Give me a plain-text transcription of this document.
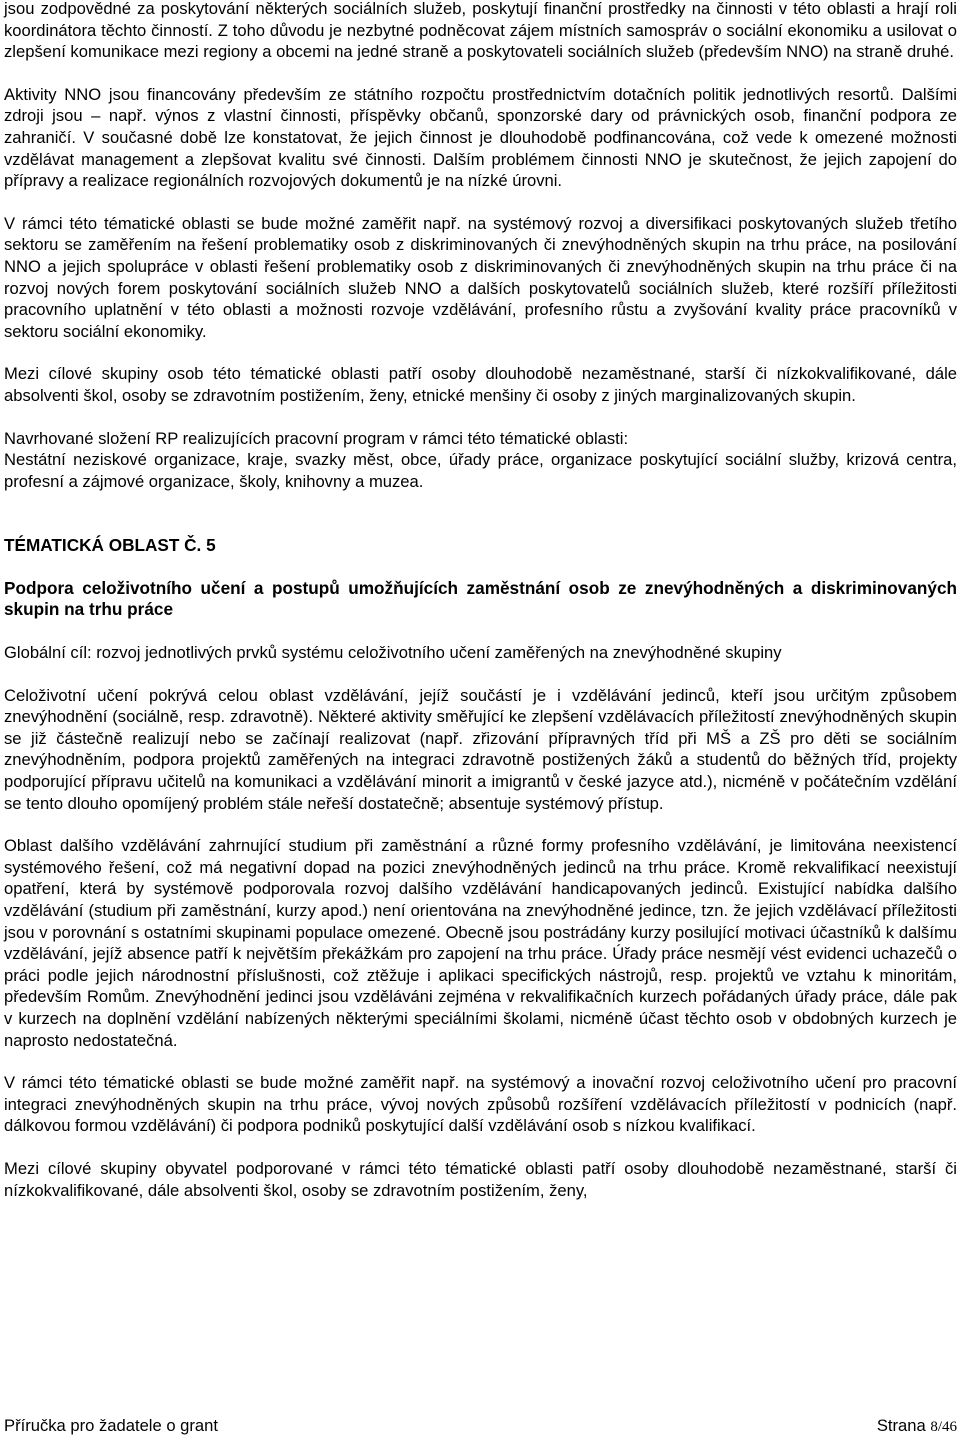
jsou zodpovědné za poskytování některých sociálních služeb, poskytují finanční prostředky na činnosti v této oblasti a hrají roli koordinátora těchto činností. Z toho důvodu je nezbytné podněcovat zájem místních samospráv o sociální ekonomiku a usilovat o zlepšení komunikace mezi regiony a obcemi na jedné straně a poskytovateli sociálních služeb (především NNO) na straně druhé.

Aktivity NNO jsou financovány především ze státního rozpočtu prostřednictvím dotačních politik jednotlivých resortů. Dalšími zdroji jsou – např. výnos z vlastní činnosti, příspěvky občanů, sponzorské dary od právnických osob, finanční podpora ze zahraničí. V současné době lze konstatovat, že jejich činnost je dlouhodobě podfinancována, což vede k omezené možnosti vzdělávat management a zlepšovat kvalitu své činnosti. Dalším problémem činnosti NNO je skutečnost, že jejich zapojení do přípravy a realizace regionálních rozvojových dokumentů je na nízké úrovni.

V rámci této tématické oblasti se bude možné zaměřit např. na systémový rozvoj a diversifikaci poskytovaných služeb třetího sektoru se zaměřením na řešení problematiky osob z diskriminovaných či znevýhodněných skupin na trhu práce, na posilování NNO a jejich spolupráce v oblasti řešení problematiky osob z diskriminovaných či znevýhodněných skupin na trhu práce či na rozvoj nových forem poskytování sociálních služeb NNO a dalších poskytovatelů sociálních služeb, které rozšíří příležitosti pracovního uplatnění v této oblasti a možnosti rozvoje vzdělávání, profesního růstu a zvyšování kvality práce pracovníků v sektoru sociální ekonomiky.

Mezi cílové skupiny osob této tématické oblasti patří osoby dlouhodobě nezaměstnané, starší či nízkokvalifikované, dále absolventi škol, osoby se zdravotním postižením, ženy, etnické menšiny či osoby z jiných marginalizovaných skupin.

Navrhované složení RP realizujících pracovní program v rámci této tématické oblasti:

Nestátní neziskové organizace, kraje, svazky měst, obce, úřady práce, organizace poskytující sociální služby, krizová centra, profesní a zájmové organizace, školy, knihovny a muzea.

TÉMATICKÁ OBLAST Č. 5

Podpora celoživotního učení a postupů umožňujících zaměstnání osob ze znevýhodněných a diskriminovaných skupin na trhu práce

Globální cíl: rozvoj jednotlivých prvků systému celoživotního učení zaměřených na znevýhodněné skupiny

Celoživotní učení pokrývá celou oblast vzdělávání, jejíž součástí je i vzdělávání jedinců, kteří jsou určitým způsobem znevýhodnění (sociálně, resp. zdravotně). Některé aktivity směřující ke zlepšení vzdělávacích příležitostí znevýhodněných skupin se již částečně realizují nebo se začínají realizovat (např. zřizování přípravných tříd při MŠ a ZŠ pro děti se sociálním znevýhodněním, podpora projektů zaměřených na integraci zdravotně postižených žáků a studentů do běžných tříd, projekty podporující přípravu učitelů na komunikaci a vzdělávání minorit a imigrantů v české jazyce atd.), nicméně v počátečním vzdělání se tento dlouho opomíjený problém stále neřeší dostatečně; absentuje systémový přístup.

Oblast dalšího vzdělávání zahrnující studium při zaměstnání a různé formy profesního vzdělávání, je limitována neexistencí systémového řešení, což má negativní dopad na pozici znevýhodněných jedinců na trhu práce. Kromě rekvalifikací neexistují opatření, která by systémově podporovala rozvoj dalšího vzdělávání handicapovaných jedinců. Existující nabídka dalšího vzdělávání (studium při zaměstnání, kurzy apod.) není orientována na znevýhodněné jedince, tzn. že jejich vzdělávací příležitosti jsou v porovnání s ostatními skupinami populace omezené. Obecně jsou postrádány kurzy posilující motivaci účastníků k dalšímu vzdělávání, jejíž absence patří k největším překážkám pro zapojení na trhu práce. Úřady práce nesmějí vést evidenci uchazečů o práci podle jejich národnostní příslušnosti, což ztěžuje i aplikaci specifických nástrojů, resp. projektů ve vztahu k minoritám, především Romům. Znevýhodnění jedinci jsou vzděláváni zejména v rekvalifikačních kurzech pořádaných úřady práce, dále pak v kurzech na doplnění vzdělání nabízených některými speciálními školami, nicméně účast těchto osob v obdobných kurzech je naprosto nedostatečná.

V rámci této tématické oblasti se bude možné zaměřit např. na systémový a inovační rozvoj celoživotního učení pro pracovní integraci znevýhodněných skupin na trhu práce, vývoj nových způsobů rozšíření vzdělávacích příležitostí v podnicích (např. dálkovou formou vzdělávání) či podpora podniků poskytující další vzdělávání osob s nízkou kvalifikací.

Mezi cílové skupiny obyvatel podporované v rámci této tématické oblasti patří osoby dlouhodobě nezaměstnané, starší či nízkokvalifikované, dále absolventi škol, osoby se zdravotním postižením, ženy,

Příručka pro žadatele o grant	Strana 8/46
